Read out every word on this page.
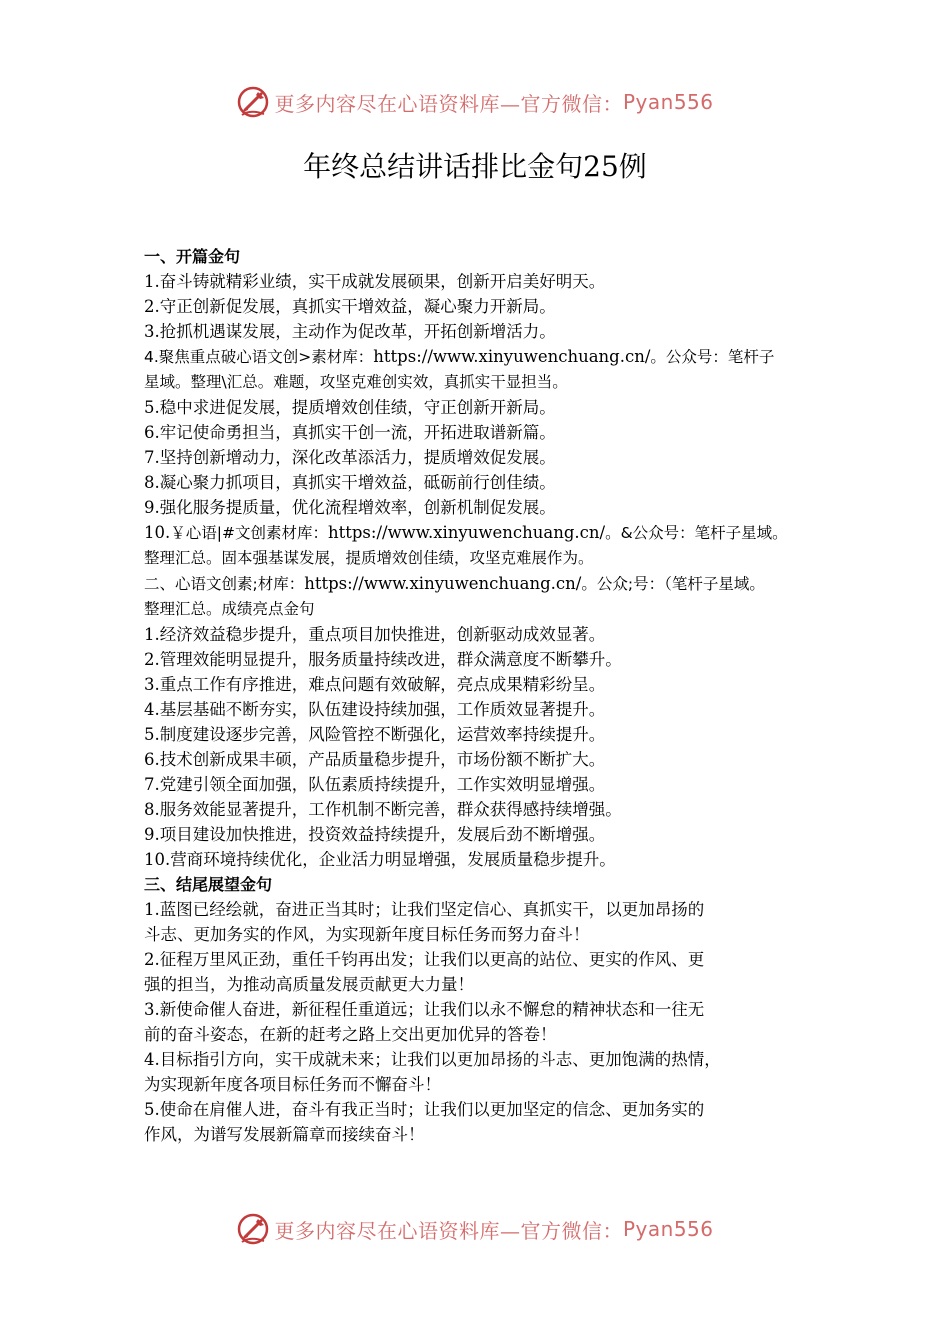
更多内容尽在心语资料库—官方微信： Pyan556
年终总结讲话排比金句25例

一、开篇金句

1.奋斗铸就精彩业绩，实干成就发展硕果，创新开启美好明天。

2.守正创新促发展，真抓实干增效益，凝心聚力开新局。

3.抢抓机遇谋发展，主动作为促改革，开拓创新增活力。

4.聚焦重点破心语文创>素材库：https://www.xinyuwenchuang.cn/。公众号：笔杆子

星域。整理\汇总。难题，攻坚克难创实效，真抓实干显担当。

5.稳中求进促发展，提质增效创佳绩，守正创新开新局。

6.牢记使命勇担当，真抓实干创一流，开拓进取谱新篇。

7.坚持创新增动力，深化改革添活力，提质增效促发展。

8.凝心聚力抓项目，真抓实干增效益，砥砺前行创佳绩。

9.强化服务提质量，优化流程增效率，创新机制促发展。

10.￥心语|#文创素材库：https://www.xinyuwenchuang.cn/。&公众号：笔杆子星域。

整理汇总。固本强基谋发展，提质增效创佳绩，攻坚克难展作为。

二、心语文创素;材库：https://www.xinyuwenchuang.cn/。公众;号：（笔杆子星域。

整理汇总。成绩亮点金句

1.经济效益稳步提升，重点项目加快推进，创新驱动成效显著。

2.管理效能明显提升，服务质量持续改进，群众满意度不断攀升。

3.重点工作有序推进，难点问题有效破解，亮点成果精彩纷呈。

4.基层基础不断夯实，队伍建设持续加强，工作质效显著提升。

5.制度建设逐步完善，风险管控不断强化，运营效率持续提升。

6.技术创新成果丰硕，产品质量稳步提升，市场份额不断扩大。

7.党建引领全面加强，队伍素质持续提升，工作实效明显增强。

8.服务效能显著提升，工作机制不断完善，群众获得感持续增强。

9.项目建设加快推进，投资效益持续提升，发展后劲不断增强。

10.营商环境持续优化，企业活力明显增强，发展质量稳步提升。

三、结尾展望金句

1.蓝图已经绘就，奋进正当其时；让我们坚定信心、真抓实干，以更加昂扬的

斗志、更加务实的作风，为实现新年度目标任务而努力奋斗！

2.征程万里风正劲，重任千钧再出发；让我们以更高的站位、更实的作风、更

强的担当，为推动高质量发展贡献更大力量！

3.新使命催人奋进，新征程任重道远；让我们以永不懈怠的精神状态和一往无

前的奋斗姿态，在新的赶考之路上交出更加优异的答卷！

4.目标指引方向，实干成就未来；让我们以更加昂扬的斗志、更加饱满的热情，

为实现新年度各项目标任务而不懈奋斗！

5.使命在肩催人进，奋斗有我正当时；让我们以更加坚定的信念、更加务实的

作风，为谱写发展新篇章而接续奋斗！

更多内容尽在心语资料库—官方微信： Pyan556
